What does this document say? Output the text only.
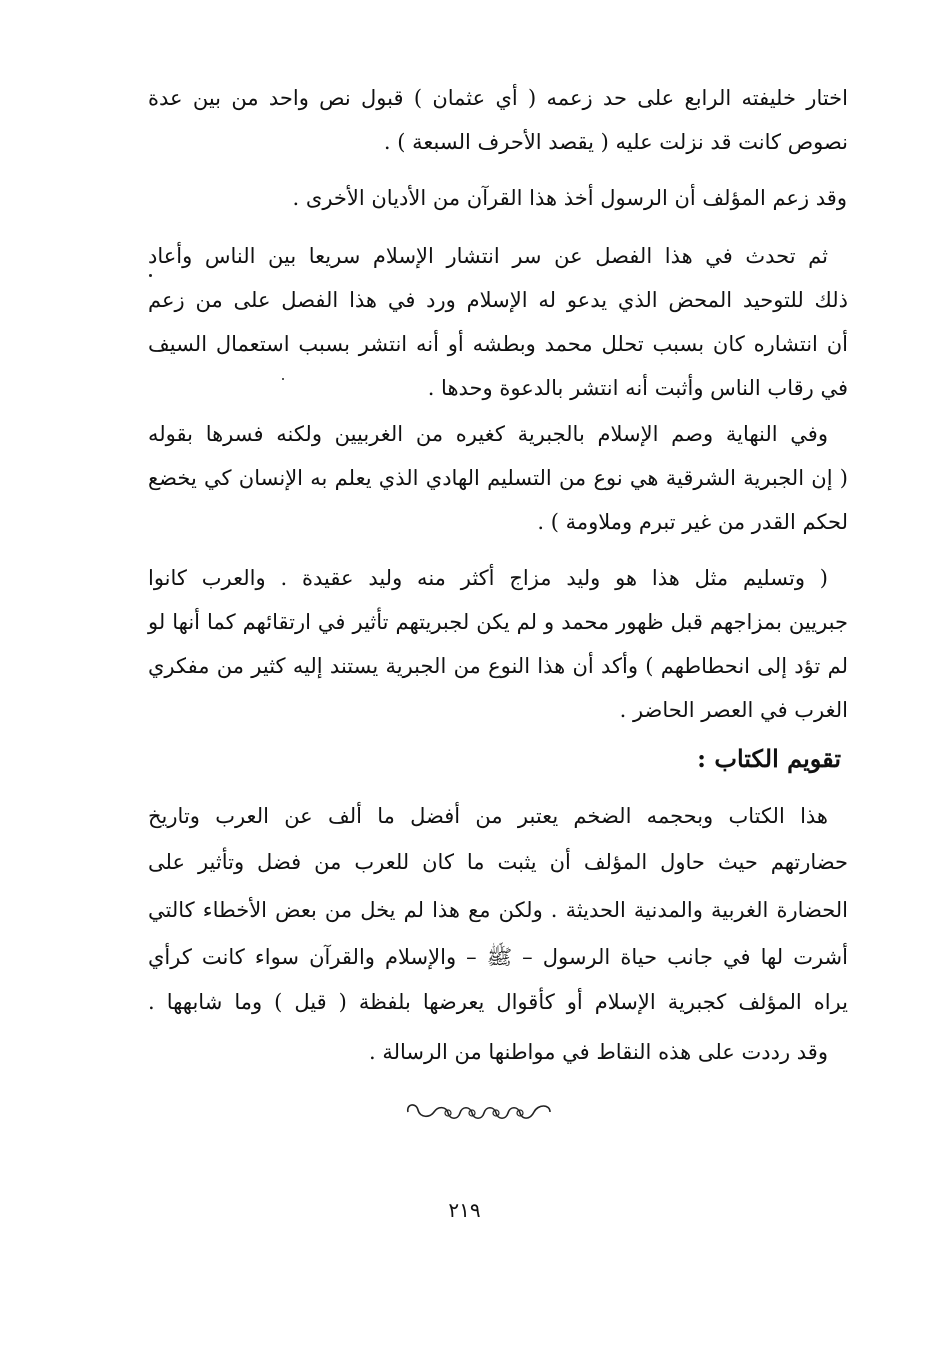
اختار خليفته الرابع على حد زعمه ( أي عثمان ) قبول نص واحد من بين عدة
نصوص كانت قد نزلت عليه ( يقصد الأحرف السبعة ) .
وقد زعم المؤلف أن الرسول أخذ هذا القرآن من الأديان الأخرى .
ثم تحدث في هذا الفصل عن سر انتشار الإسلام سريعا بين الناس وأعاد
ذلك للتوحيد المحض الذي يدعو له الإسلام ورد في هذا الفصل على من زعم
أن انتشاره كان بسبب تحلل محمد وبطشه أو أنه انتشر بسبب استعمال السيف
في رقاب الناس وأثبت أنه انتشر بالدعوة وحدها .
وفي النهاية وصم الإسلام بالجبرية كغيره من الغربيين ولكنه فسرها بقوله
( إن الجبرية الشرقية هي نوع من التسليم الهادي الذي يعلم به الإنسان كي يخضع
لحكم القدر من غير تبرم وملاومة ) .
( وتسليم مثل هذا هو وليد مزاج أكثر منه وليد عقيدة . والعرب كانوا
جبريين بمزاجهم قبل ظهور محمد و لم يكن لجبريتهم تأثير في ارتقائهم كما أنها لو
لم تؤد إلى انحطاطهم ) وأكد أن هذا النوع من الجبرية يستند إليه كثير من مفكري
الغرب في العصر الحاضر .
تقويم الكتاب :
هذا الكتاب وبحجمه الضخم يعتبر من أفضل ما ألف عن العرب وتاريخ
حضارتهم حيث حاول المؤلف أن يثبت ما كان للعرب من فضل وتأثير على
الحضارة الغربية والمدنية الحديثة . ولكن مع هذا لم يخل من بعض الأخطاء كالتي
أشرت لها في جانب حياة الرسول – ﷺ – والإسلام والقرآن سواء كانت كرأي
يراه المؤلف كجبرية الإسلام أو كأقوال يعرضها بلفظة ( قيل ) وما شابهها .
وقد رددت على هذه النقاط في مواطنها من الرسالة .
٢١٩
